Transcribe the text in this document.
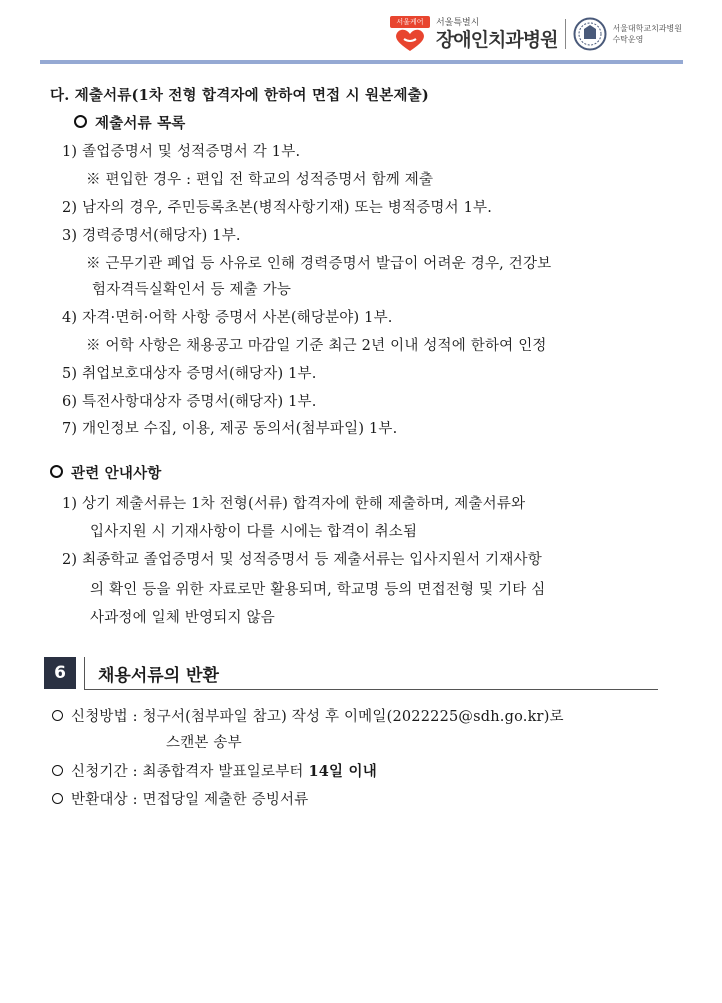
서울케어	서울특별시
장애인치과병원
서울대학교치과병원
수탁운영
다. 제출서류(1차 전형 합격자에 한하여 면접 시 원본제출)
제출서류 목록
1) 졸업증명서 및 성적증명서 각 1부.
※ 편입한 경우 : 편입 전 학교의 성적증명서 함께 제출
2) 남자의 경우, 주민등록초본(병적사항기재) 또는 병적증명서 1부.
3) 경력증명서(해당자) 1부.
※ 근무기관 폐업 등 사유로 인해 경력증명서 발급이 어려운 경우, 건강보
험자격득실확인서 등 제출 가능
4) 자격·면허·어학 사항 증명서 사본(해당분야) 1부.
※ 어학 사항은 채용공고 마감일 기준 최근 2년 이내 성적에 한하여 인정
5) 취업보호대상자 증명서(해당자) 1부.
6) 특전사항대상자 증명서(해당자) 1부.
7) 개인정보 수집, 이용, 제공 동의서(첨부파일) 1부.
관련 안내사항
1) 상기 제출서류는 1차 전형(서류) 합격자에 한해 제출하며, 제출서류와
입사지원 시 기재사항이 다를 시에는 합격이 취소됨
2) 최종학교 졸업증명서 및 성적증명서 등 제출서류는 입사지원서 기재사항
의 확인 등을 위한 자료로만 활용되며, 학교명 등의 면접전형 및 기타 심
사과정에 일체 반영되지 않음
6	채용서류의 반환
신청방법 : 청구서(첨부파일 참고) 작성 후 이메일(2022225@sdh.go.kr)로
스캔본 송부
신청기간 : 최종합격자 발표일로부터 14일 이내
반환대상 : 면접당일 제출한 증빙서류
